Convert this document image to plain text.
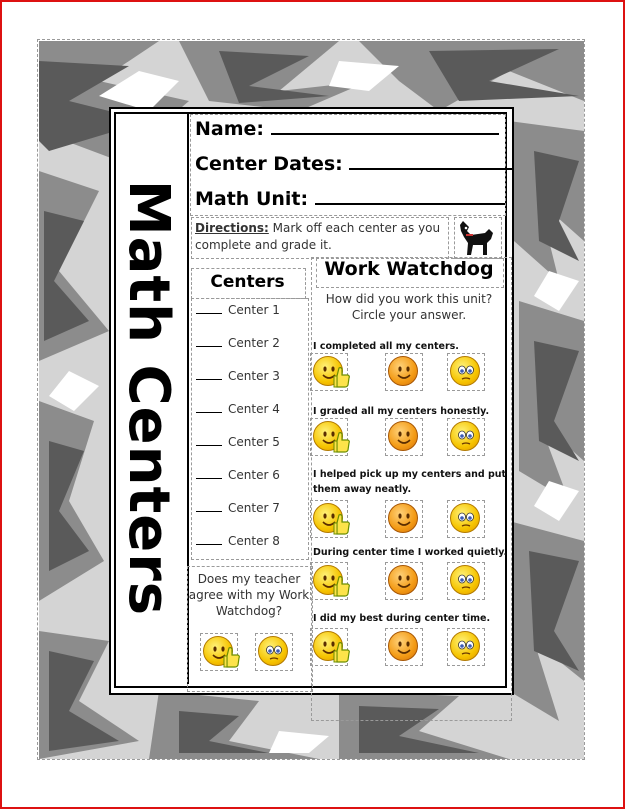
Math Centers
Name:
Center Dates:
Math Unit:
Directions: Mark off each center as you
complete and grade it.
Centers
Center 1
Center 2
Center 3
Center 4
Center 5
Center 6
Center 7
Center 8
Does my teacher
agree with my Work
Watchdog?
Work Watchdog
How did you work this unit?
Circle your answer.
I completed all my centers.
I graded all my centers honestly.
I helped pick up my centers and put
them away neatly.
During center time I worked quietly.
I did my best during center time.
